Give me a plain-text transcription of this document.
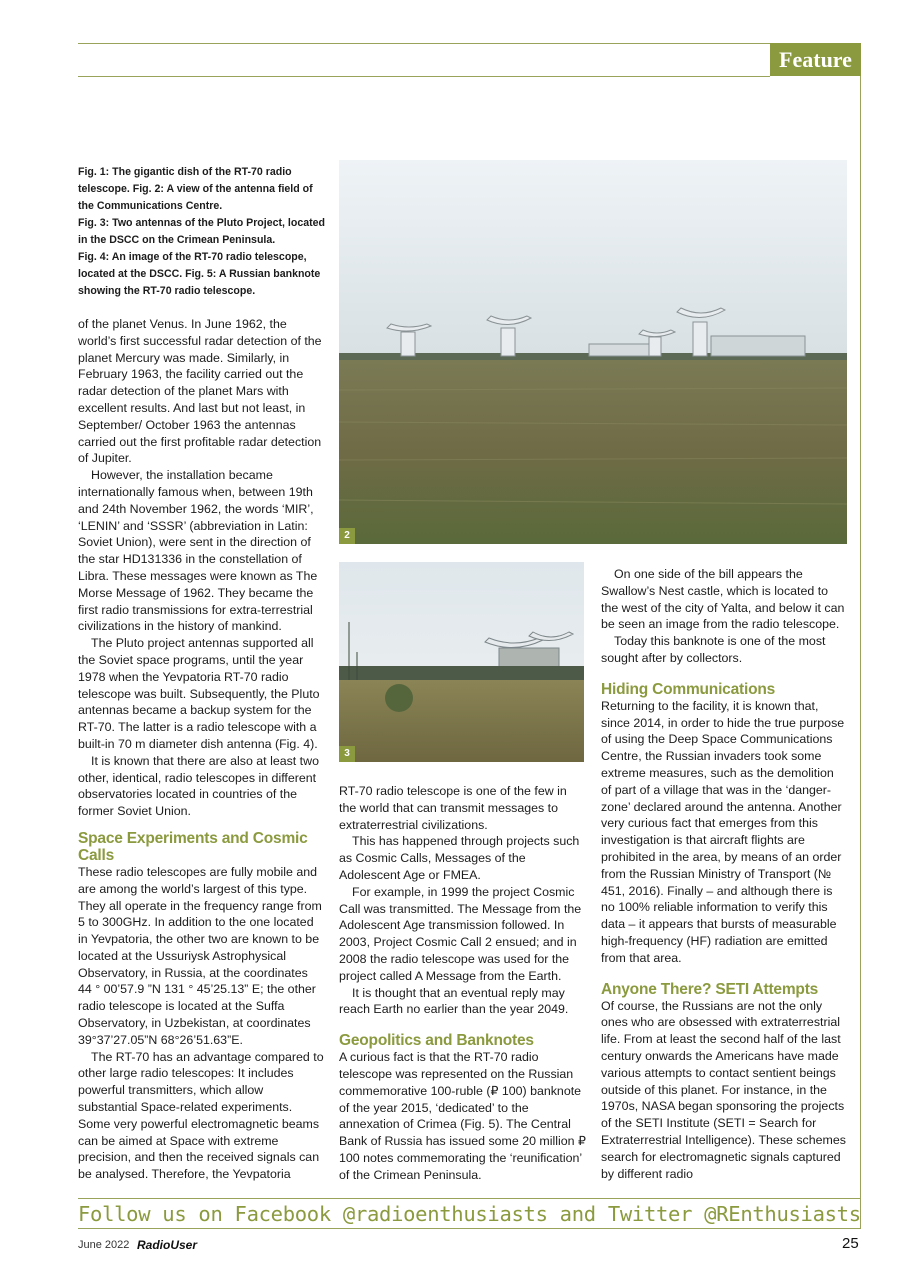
Feature

Fig. 1: The gigantic dish of the RT-70 radio telescope. Fig. 2: A view of the antenna field of the Communications Centre.

Fig. 3: Two antennas of the Pluto Project, located in the DSCC on the Crimean Peninsula.

Fig. 4: An image of the RT-70 radio telescope, located at the DSCC. Fig. 5: A Russian banknote showing the RT-70 radio telescope.

2
3

of the planet Venus. In June 1962, the world’s first successful radar detection of the planet Mercury was made. Similarly, in February 1963, the facility carried out the radar detection of the planet Mars with excellent results. And last but not least, in September/ October 1963 the antennas carried out the first profitable radar detection of Jupiter.

However, the installation became internationally famous when, between 19th and 24th November 1962, the words ‘MIR’, ‘LENIN’ and ‘SSSR’ (abbreviation in Latin: Soviet Union), were sent in the direction of the star HD131336 in the constellation of Libra. These messages were known as The Morse Message of 1962. They became the first radio transmissions for extra-terrestrial civilizations in the history of mankind.

The Pluto project antennas supported all the Soviet space programs, until the year 1978 when the Yevpatoria RT-70 radio telescope was built. Subsequently, the Pluto antennas became a backup system for the RT-70. The latter is a radio telescope with a built-in 70 m diameter dish antenna (Fig. 4).

It is known that there are also at least two other, identical, radio telescopes in different observatories located in countries of the former Soviet Union.

Space Experiments and Cosmic Calls

These radio telescopes are fully mobile and are among the world’s largest of this type. They all operate in the frequency range from 5 to 300GHz. In addition to the one located in Yevpatoria, the other two are known to be located at the Ussuriysk Astrophysical Observatory, in Russia, at the coordinates 44 ° 00’57.9 ”N 131 ° 45’25.13” E; the other radio telescope is located at the Suffa Observatory, in Uzbekistan, at coordinates 39°37’27.05”N 68°26’51.63”E.

The RT-70 has an advantage compared to other large radio telescopes: It includes powerful transmitters, which allow substantial Space-related experiments. Some very powerful electromagnetic beams can be aimed at Space with extreme precision, and then the received signals can be analysed. Therefore, the Yevpatoria

RT-70 radio telescope is one of the few in the world that can transmit messages to extraterrestrial civilizations.

This has happened through projects such as Cosmic Calls, Messages of the Adolescent Age or FMEA.

For example, in 1999 the project Cosmic Call was transmitted. The Message from the Adolescent Age transmission followed. In 2003, Project Cosmic Call 2 ensued; and in 2008 the radio telescope was used for the project called A Message from the Earth.

It is thought that an eventual reply may reach Earth no earlier than the year 2049.

Geopolitics and Banknotes

A curious fact is that the RT-70 radio telescope was represented on the Russian commemorative 100-ruble (₽ 100) banknote of the year 2015, ‘dedicated’ to the annexation of Crimea (Fig. 5). The Central Bank of Russia has issued some 20 million ₽ 100 notes commemorating the ‘reunification’ of the Crimean Peninsula.

On one side of the bill appears the Swallow’s Nest castle, which is located to the west of the city of Yalta, and below it can be seen an image from the radio telescope.

Today this banknote is one of the most sought after by collectors.

Hiding Communications

Returning to the facility, it is known that, since 2014, in order to hide the true purpose of using the Deep Space Communications Centre, the Russian invaders took some extreme measures, such as the demolition of part of a village that was in the ‘danger-zone’ declared around the antenna. Another very curious fact that emerges from this investigation is that aircraft flights are prohibited in the area, by means of an order from the Russian Ministry of Transport (№ 451, 2016). Finally – and although there is no 100% reliable information to verify this data – it appears that bursts of measurable high-frequency (HF) radiation are emitted from that area.

Anyone There? SETI Attempts

Of course, the Russians are not the only ones who are obsessed with extraterrestrial life. From at least the second half of the last century onwards the Americans have made various attempts to contact sentient beings outside of this planet. For instance, in the 1970s, NASA began sponsoring the projects of the SETI Institute (SETI = Search for Extraterrestrial Intelligence). These schemes search for electromagnetic signals captured by different radio

Follow us on Facebook @radioenthusiasts and Twitter @REnthusiasts
June 2022 RadioUser	25
